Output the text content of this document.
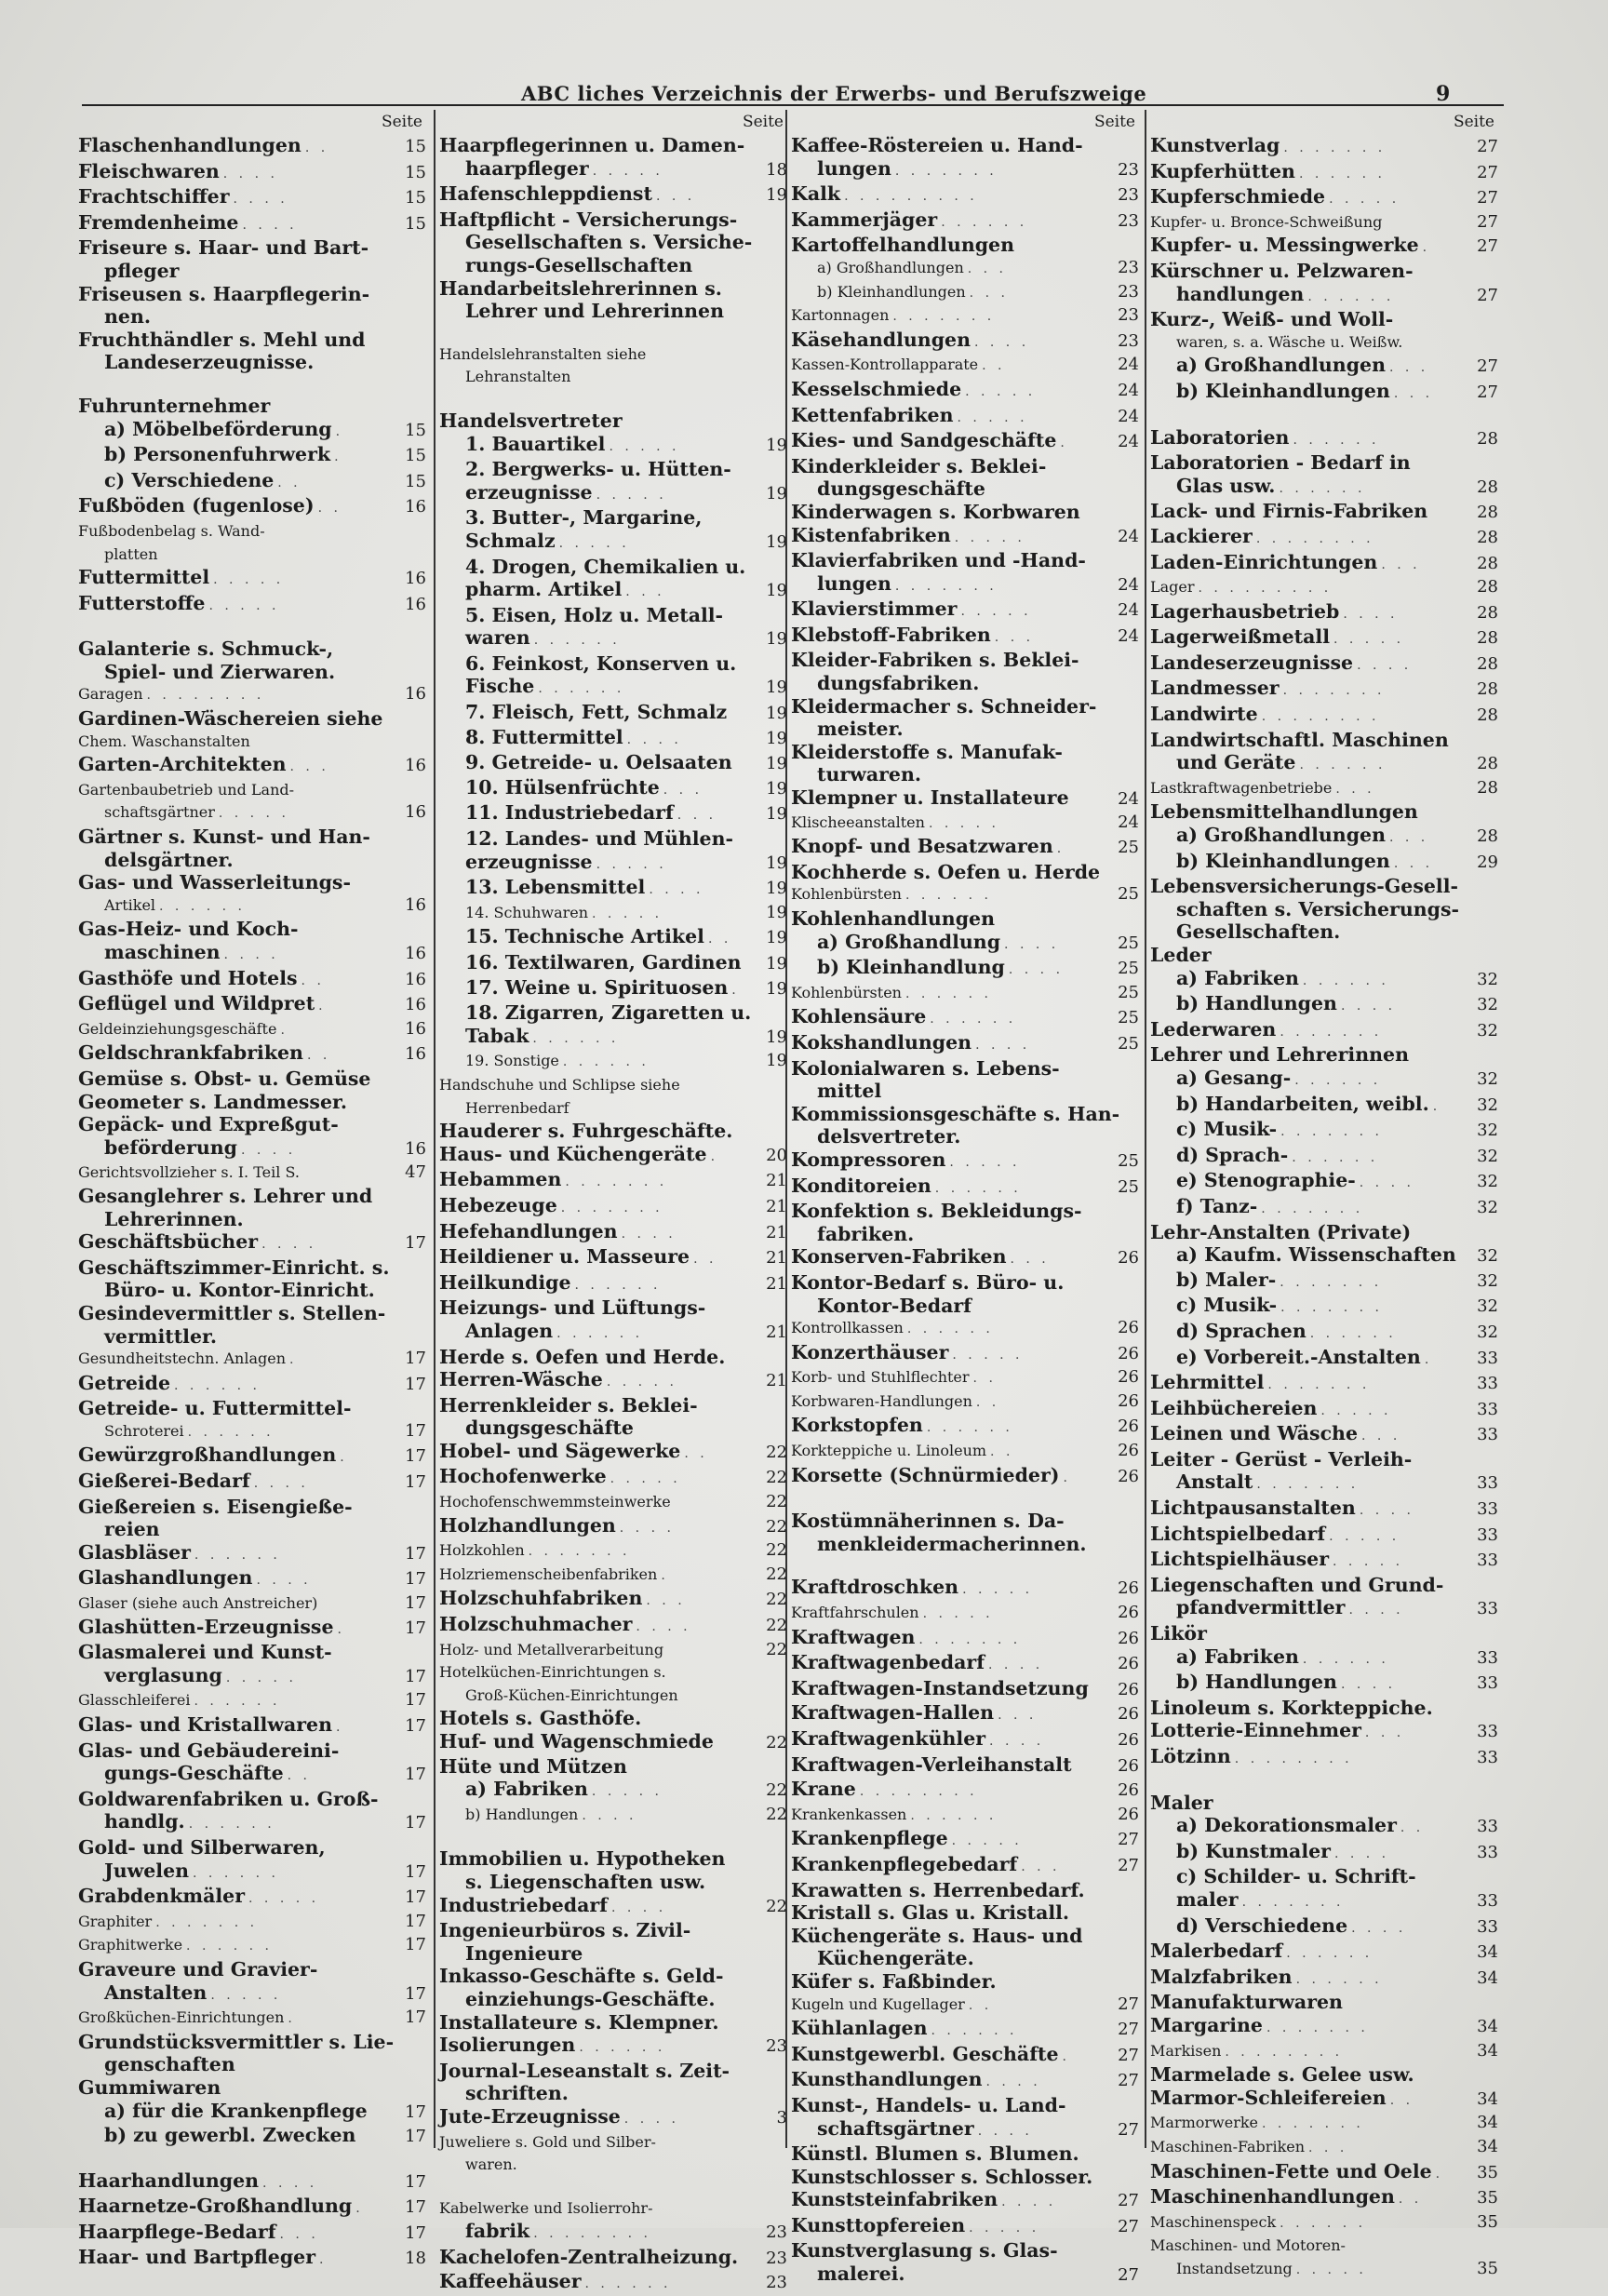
ABC liches Verzeichnis der Erwerbs- und Berufszweige	9
Seite
Flaschenhandlungen . .	15
Fleischwaren . . . .	15
Frachtschiffer . . . .	15
Fremdenheime . . . .	15
Friseure s. Haar- und Bart-
pfleger
Friseusen s. Haarpflegerin-
nen.
Fruchthändler s. Mehl und
Landeserzeugnisse.
Fuhrunternehmer
a) Möbelbeförderung .	15
b) Personenfuhrwerk .	15
c) Verschiedene . .	15
Fußböden (fugenlose) . .	16
Fußbodenbelag s. Wand-
platten
Futtermittel . . . . .	16
Futterstoffe . . . . .	16
Galanterie s. Schmuck-,
Spiel- und Zierwaren.
Garagen . . . . . . . .	16
Gardinen-Wäschereien siehe
Chem. Waschanstalten
Garten-Architekten . . .	16
Gartenbaubetrieb und Land-
schaftsgärtner . . . . .	16
Gärtner s. Kunst- und Han-
delsgärtner.
Gas- und Wasserleitungs-
Artikel . . . . . .	16
Gas-Heiz- und Koch-
maschinen . . . .	16
Gasthöfe und Hotels . .	16
Geflügel und Wildpret .	16
Geldeinziehungsgeschäfte .	16
Geldschrankfabriken . .	16
Gemüse s. Obst- u. Gemüse
Geometer s. Landmesser.
Gepäck- und Expreßgut-
beförderung . . . .	16
Gerichtsvollzieher s. I. Teil S.	47
Gesanglehrer s. Lehrer und
Lehrerinnen.
Geschäftsbücher . . . .	17
Geschäftszimmer-Einricht. s.
Büro- u. Kontor-Einricht.
Gesindevermittler s. Stellen-
vermittler.
Gesundheitstechn. Anlagen .	17
Getreide . . . . . .	17
Getreide- u. Futtermittel-
Schroterei . . . . . .	17
Gewürzgroßhandlungen .	17
Gießerei-Bedarf . . . .	17
Gießereien s. Eisengieße-
reien
Glasbläser . . . . . .	17
Glashandlungen . . . .	17
Glaser (siehe auch Anstreicher)	17
Glashütten-Erzeugnisse .	17
Glasmalerei und Kunst-
verglasung . . . . .	17
Glasschleiferei . . . . . .	17
Glas- und Kristallwaren .	17
Glas- und Gebäudereini-
gungs-Geschäfte . .	17
Goldwarenfabriken u. Groß-
handlg. . . . . . .	17
Gold- und Silberwaren,
Juwelen . . . . . .	17
Grabdenkmäler . . . . .	17
Graphiter . . . . . . .	17
Graphitwerke . . . . . .	17
Graveure und Gravier-
Anstalten . . . . .	17
Großküchen-Einrichtungen .	17
Grundstücksvermittler s. Lie-
genschaften
Gummiwaren
a) für die Krankenpflege	17
b) zu gewerbl. Zwecken	17
Haarhandlungen . . . .	17
Haarnetze-Großhandlung .	17
Haarpflege-Bedarf . . .	17
Haar- und Bartpfleger .	18
Seite
Haarpflegerinnen u. Damen-
haarpfleger . . . . .	18
Hafenschleppdienst . . .	19
Haftpflicht - Versicherungs-
Gesellschaften s. Versiche-
rungs-Gesellschaften
Handarbeitslehrerinnen s.
Lehrer und Lehrerinnen
Handelslehranstalten siehe
Lehranstalten
Handelsvertreter
1. Bauartikel . . . . .	19
2. Bergwerks- u. Hütten-
erzeugnisse . . . . .	19
3. Butter-, Margarine,
Schmalz . . . . .	19
4. Drogen, Chemikalien u.
pharm. Artikel . . .	19
5. Eisen, Holz u. Metall-
waren . . . . . .	19
6. Feinkost, Konserven u.
Fische . . . . . .	19
7. Fleisch, Fett, Schmalz	19
8. Futtermittel . . . .	19
9. Getreide- u. Oelsaaten	19
10. Hülsenfrüchte . . .	19
11. Industriebedarf . . .	19
12. Landes- und Mühlen-
erzeugnisse . . . . .	19
13. Lebensmittel . . . .	19
14. Schuhwaren . . . . .	19
15. Technische Artikel . .	19
16. Textilwaren, Gardinen	19
17. Weine u. Spirituosen .	19
18. Zigarren, Zigaretten u.
Tabak . . . . . .	19
19. Sonstige . . . . . .	19
Handschuhe und Schlipse siehe
Herrenbedarf
Hauderer s. Fuhrgeschäfte.
Haus- und Küchengeräte .	20
Hebammen . . . . . . .	21
Hebezeuge . . . . . . .	21
Hefehandlungen . . . .	21
Heildiener u. Masseure . .	21
Heilkundige . . . . . .	21
Heizungs- und Lüftungs-
Anlagen . . . . . .	21
Herde s. Oefen und Herde.
Herren-Wäsche . . . . .	21
Herrenkleider s. Beklei-
dungsgeschäfte
Hobel- und Sägewerke . .	22
Hochofenwerke . . . . .	22
Hochofenschwemmsteinwerke	22
Holzhandlungen . . . .	22
Holzkohlen . . . . . . .	22
Holzriemenscheibenfabriken .	22
Holzschuhfabriken . . .	22
Holzschuhmacher . . . .	22
Holz- und Metallverarbeitung	22
Hotelküchen-Einrichtungen s.
Groß-Küchen-Einrichtungen
Hotels s. Gasthöfe.
Huf- und Wagenschmiede	22
Hüte und Mützen
a) Fabriken . . . . .	22
b) Handlungen . . . .	22
Immobilien u. Hypotheken
s. Liegenschaften usw.
Industriebedarf . . . .	22
Ingenieurbüros s. Zivil-
Ingenieure
Inkasso-Geschäfte s. Geld-
einziehungs-Geschäfte.
Installateure s. Klempner.
Isolierungen . . . . . .	23
Journal-Leseanstalt s. Zeit-
schriften.
Jute-Erzeugnisse . . . .	3
Juweliere s. Gold und Silber-
waren.
Kabelwerke und Isolierrohr-
fabrik . . . . . . . .	23
Kachelofen-Zentralheizung.	23
Kaffeehäuser . . . . . .	23
Seite
Kaffee-Röstereien u. Hand-
lungen . . . . . . .	23
Kalk . . . . . . . . .	23
Kammerjäger . . . . . .	23
Kartoffelhandlungen
a) Großhandlungen . . .	23
b) Kleinhandlungen . . .	23
Kartonnagen . . . . . . .	23
Käsehandlungen . . . .	23
Kassen-Kontrollapparate . .	24
Kesselschmiede . . . . .	24
Kettenfabriken . . . . .	24
Kies- und Sandgeschäfte .	24
Kinderkleider s. Beklei-
dungsgeschäfte
Kinderwagen s. Korbwaren
Kistenfabriken . . . . .	24
Klavierfabriken und -Hand-
lungen . . . . . . .	24
Klavierstimmer . . . . .	24
Klebstoff-Fabriken . . .	24
Kleider-Fabriken s. Beklei-
dungsfabriken.
Kleidermacher s. Schneider-
meister.
Kleiderstoffe s. Manufak-
turwaren.
Klempner u. Installateure	24
Klischeeanstalten . . . . .	24
Knopf- und Besatzwaren .	25
Kochherde s. Oefen u. Herde
Kohlenbürsten . . . . . .	25
Kohlenhandlungen
a) Großhandlung . . . .	25
b) Kleinhandlung . . . .	25
Kohlenbürsten . . . . . .	25
Kohlensäure . . . . . .	25
Kokshandlungen . . . .	25
Kolonialwaren s. Lebens-
mittel
Kommissionsgeschäfte s. Han-
delsvertreter.
Kompressoren . . . . .	25
Konditoreien . . . . . .	25
Konfektion s. Bekleidungs-
fabriken.
Konserven-Fabriken . . .	26
Kontor-Bedarf s. Büro- u.
Kontor-Bedarf
Kontrollkassen . . . . . .	26
Konzerthäuser . . . . .	26
Korb- und Stuhlflechter . .	26
Korbwaren-Handlungen . .	26
Korkstopfen . . . . . .	26
Korkteppiche u. Linoleum . .	26
Korsette (Schnürmieder) .	26
Kostümnäherinnen s. Da-
menkleidermacherinnen.
Kraftdroschken . . . . .	26
Kraftfahrschulen . . . . .	26
Kraftwagen . . . . . . .	26
Kraftwagenbedarf . . . .	26
Kraftwagen-Instandsetzung	26
Kraftwagen-Hallen . . .	26
Kraftwagenkühler . . . .	26
Kraftwagen-Verleihanstalt	26
Krane . . . . . . . .	26
Krankenkassen . . . . . .	26
Krankenpflege . . . . .	27
Krankenpflegebedarf . . .	27
Krawatten s. Herrenbedarf.
Kristall s. Glas u. Kristall.
Küchengeräte s. Haus- und
Küchengeräte.
Küfer s. Faßbinder.
Kugeln und Kugellager . .	27
Kühlanlagen . . . . . .	27
Kunstgewerbl. Geschäfte .	27
Kunsthandlungen . . . .	27
Kunst-, Handels- u. Land-
schaftsgärtner . . . .	27
Künstl. Blumen s. Blumen.
Kunstschlosser s. Schlosser.
Kunststeinfabriken . . . .	27
Kunsttopfereien . . . . .	27
Kunstverglasung s. Glas-
malerei.	27
Seite
Kunstverlag . . . . . . .	27
Kupferhütten . . . . . .	27
Kupferschmiede . . . . .	27
Kupfer- u. Bronce-Schweißung	27
Kupfer- u. Messingwerke .	27
Kürschner u. Pelzwaren-
handlungen . . . . . .	27
Kurz-, Weiß- und Woll-
waren, s. a. Wäsche u. Weißw.
a) Großhandlungen . . .	27
b) Kleinhandlungen . . .	27
Laboratorien . . . . . .	28
Laboratorien - Bedarf in
Glas usw. . . . . . .	28
Lack- und Firnis-Fabriken	28
Lackierer . . . . . . . .	28
Laden-Einrichtungen . . .	28
Lager . . . . . . . . .	28
Lagerhausbetrieb . . . .	28
Lagerweißmetall . . . . .	28
Landeserzeugnisse . . . .	28
Landmesser . . . . . . .	28
Landwirte . . . . . . . .	28
Landwirtschaftl. Maschinen
und Geräte . . . . . .	28
Lastkraftwagenbetriebe . . .	28
Lebensmittelhandlungen
a) Großhandlungen . . .	28
b) Kleinhandlungen . . .	29
Lebensversicherungs-Gesell-
schaften s. Versicherungs-
Gesellschaften.
Leder
a) Fabriken . . . . . .	32
b) Handlungen . . . .	32
Lederwaren . . . . . . .	32
Lehrer und Lehrerinnen
a) Gesang- . . . . . .	32
b) Handarbeiten, weibl. .	32
c) Musik- . . . . . . .	32
d) Sprach- . . . . . .	32
e) Stenographie- . . . .	32
f) Tanz- . . . . . . .	32
Lehr-Anstalten (Private)
a) Kaufm. Wissenschaften	32
b) Maler- . . . . . . .	32
c) Musik- . . . . . . .	32
d) Sprachen . . . . . .	32
e) Vorbereit.-Anstalten .	33
Lehrmittel . . . . . . .	33
Leihbüchereien . . . . .	33
Leinen und Wäsche . . .	33
Leiter - Gerüst - Verleih-
Anstalt . . . . . . .	33
Lichtpausanstalten . . . .	33
Lichtspielbedarf . . . . .	33
Lichtspielhäuser . . . . .	33
Liegenschaften und Grund-
pfandvermittler . . . .	33
Likör
a) Fabriken . . . . . .	33
b) Handlungen . . . .	33
Linoleum s. Korkteppiche.
Lotterie-Einnehmer . . .	33
Lötzinn . . . . . . . .	33
Maler
a) Dekorationsmaler . .	33
b) Kunstmaler . . . .	33
c) Schilder- u. Schrift-
maler . . . . . . .	33
d) Verschiedene . . . .	33
Malerbedarf . . . . . .	34
Malzfabriken . . . . . .	34
Manufakturwaren
Margarine . . . . . . .	34
Markisen . . . . . . . .	34
Marmelade s. Gelee usw.
Marmor-Schleifereien . .	34
Marmorwerke . . . . . . .	34
Maschinen-Fabriken . . .	34
Maschinen-Fette und Oele .	35
Maschinenhandlungen . .	35
Maschinenspeck . . . . . .	35
Maschinen- und Motoren-
Instandsetzung . . . . .	35
